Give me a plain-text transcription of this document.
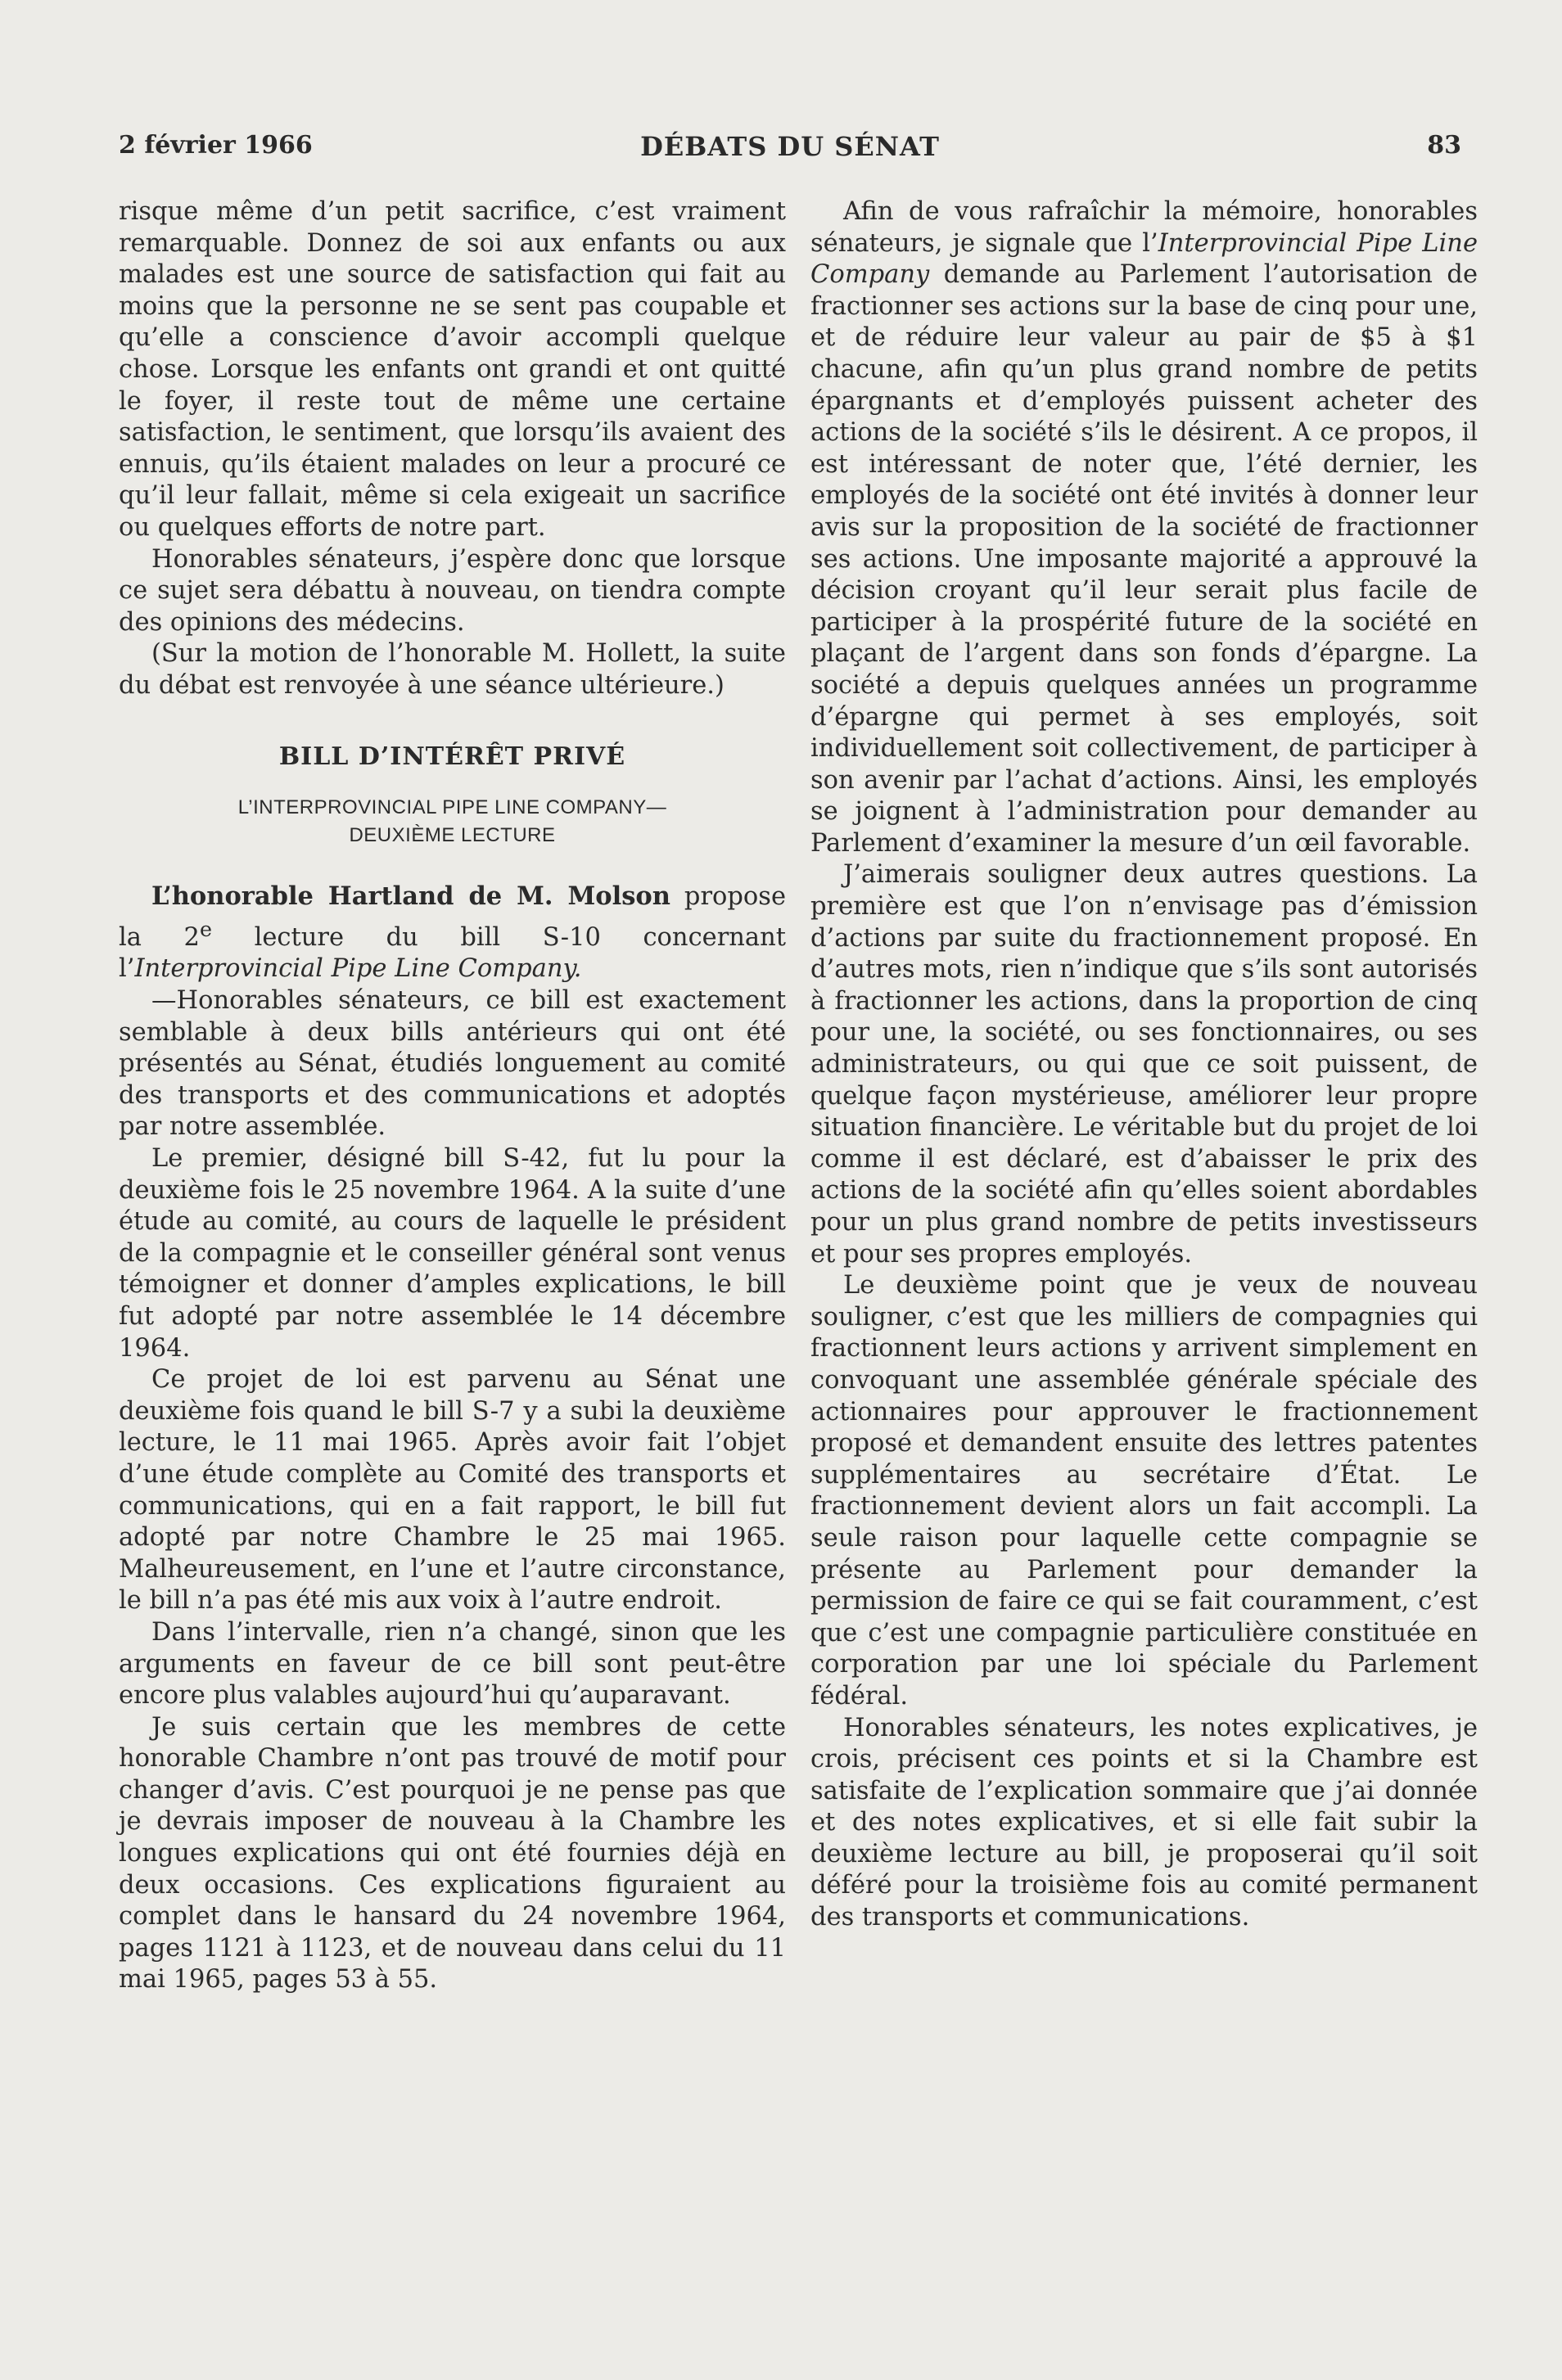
2 février 1966	DÉBATS DU SÉNAT	83

risque même d’un petit sacrifice, c’est vraiment remarquable. Donnez de soi aux enfants ou aux malades est une source de satisfaction qui fait au moins que la personne ne se sent pas coupable et qu’elle a conscience d’avoir accompli quelque chose. Lorsque les enfants ont grandi et ont quitté le foyer, il reste tout de même une certaine satisfaction, le sentiment, que lorsqu’ils avaient des ennuis, qu’ils étaient malades on leur a procuré ce qu’il leur fallait, même si cela exigeait un sacrifice ou quelques efforts de notre part.

Honorables sénateurs, j’espère donc que lorsque ce sujet sera débattu à nouveau, on tiendra compte des opinions des médecins.

(Sur la motion de l’honorable M. Hollett, la suite du débat est renvoyée à une séance ultérieure.)

BILL D’INTÉRÊT PRIVÉ
L’INTERPROVINCIAL PIPE LINE COMPANY—
DEUXIÈME LECTURE

L’honorable Hartland de M. Molson propose la 2e lecture du bill S-10 concernant l’Interprovincial Pipe Line Company.

—Honorables sénateurs, ce bill est exactement semblable à deux bills antérieurs qui ont été présentés au Sénat, étudiés longuement au comité des transports et des communications et adoptés par notre assemblée.

Le premier, désigné bill S-42, fut lu pour la deuxième fois le 25 novembre 1964. A la suite d’une étude au comité, au cours de laquelle le président de la compagnie et le conseiller général sont venus témoigner et donner d’amples explications, le bill fut adopté par notre assemblée le 14 décembre 1964.

Ce projet de loi est parvenu au Sénat une deuxième fois quand le bill S-7 y a subi la deuxième lecture, le 11 mai 1965. Après avoir fait l’objet d’une étude complète au Comité des transports et communications, qui en a fait rapport, le bill fut adopté par notre Chambre le 25 mai 1965. Malheureusement, en l’une et l’autre circonstance, le bill n’a pas été mis aux voix à l’autre endroit.

Dans l’intervalle, rien n’a changé, sinon que les arguments en faveur de ce bill sont peut-être encore plus valables aujourd’hui qu’auparavant.

Je suis certain que les membres de cette honorable Chambre n’ont pas trouvé de motif pour changer d’avis. C’est pourquoi je ne pense pas que je devrais imposer de nouveau à la Chambre les longues explications qui ont été fournies déjà en deux occasions. Ces explications figuraient au complet dans le hansard du 24 novembre 1964, pages 1121 à 1123, et de nouveau dans celui du 11 mai 1965, pages 53 à 55.

Afin de vous rafraîchir la mémoire, honorables sénateurs, je signale que l’Interprovincial Pipe Line Company demande au Parlement l’autorisation de fractionner ses actions sur la base de cinq pour une, et de réduire leur valeur au pair de $5 à $1 chacune, afin qu’un plus grand nombre de petits épargnants et d’employés puissent acheter des actions de la société s’ils le désirent. A ce propos, il est intéressant de noter que, l’été dernier, les employés de la société ont été invités à donner leur avis sur la proposition de la société de fractionner ses actions. Une imposante majorité a approuvé la décision croyant qu’il leur serait plus facile de participer à la prospérité future de la société en plaçant de l’argent dans son fonds d’épargne. La société a depuis quelques années un programme d’épargne qui permet à ses employés, soit individuellement soit collectivement, de participer à son avenir par l’achat d’actions. Ainsi, les employés se joignent à l’administration pour demander au Parlement d’examiner la mesure d’un œil favorable.

J’aimerais souligner deux autres questions. La première est que l’on n’envisage pas d’émission d’actions par suite du fractionnement proposé. En d’autres mots, rien n’indique que s’ils sont autorisés à fractionner les actions, dans la proportion de cinq pour une, la société, ou ses fonctionnaires, ou ses administrateurs, ou qui que ce soit puissent, de quelque façon mystérieuse, améliorer leur propre situation financière. Le véritable but du projet de loi comme il est déclaré, est d’abaisser le prix des actions de la société afin qu’elles soient abordables pour un plus grand nombre de petits investisseurs et pour ses propres employés.

Le deuxième point que je veux de nouveau souligner, c’est que les milliers de compagnies qui fractionnent leurs actions y arrivent simplement en convoquant une assemblée générale spéciale des actionnaires pour approuver le fractionnement proposé et demandent ensuite des lettres patentes supplémentaires au secrétaire d’État. Le fractionnement devient alors un fait accompli. La seule raison pour laquelle cette compagnie se présente au Parlement pour demander la permission de faire ce qui se fait couramment, c’est que c’est une compagnie particulière constituée en corporation par une loi spéciale du Parlement fédéral.

Honorables sénateurs, les notes explicatives, je crois, précisent ces points et si la Chambre est satisfaite de l’explication sommaire que j’ai donnée et des notes explicatives, et si elle fait subir la deuxième lecture au bill, je proposerai qu’il soit déféré pour la troisième fois au comité permanent des transports et communications.
